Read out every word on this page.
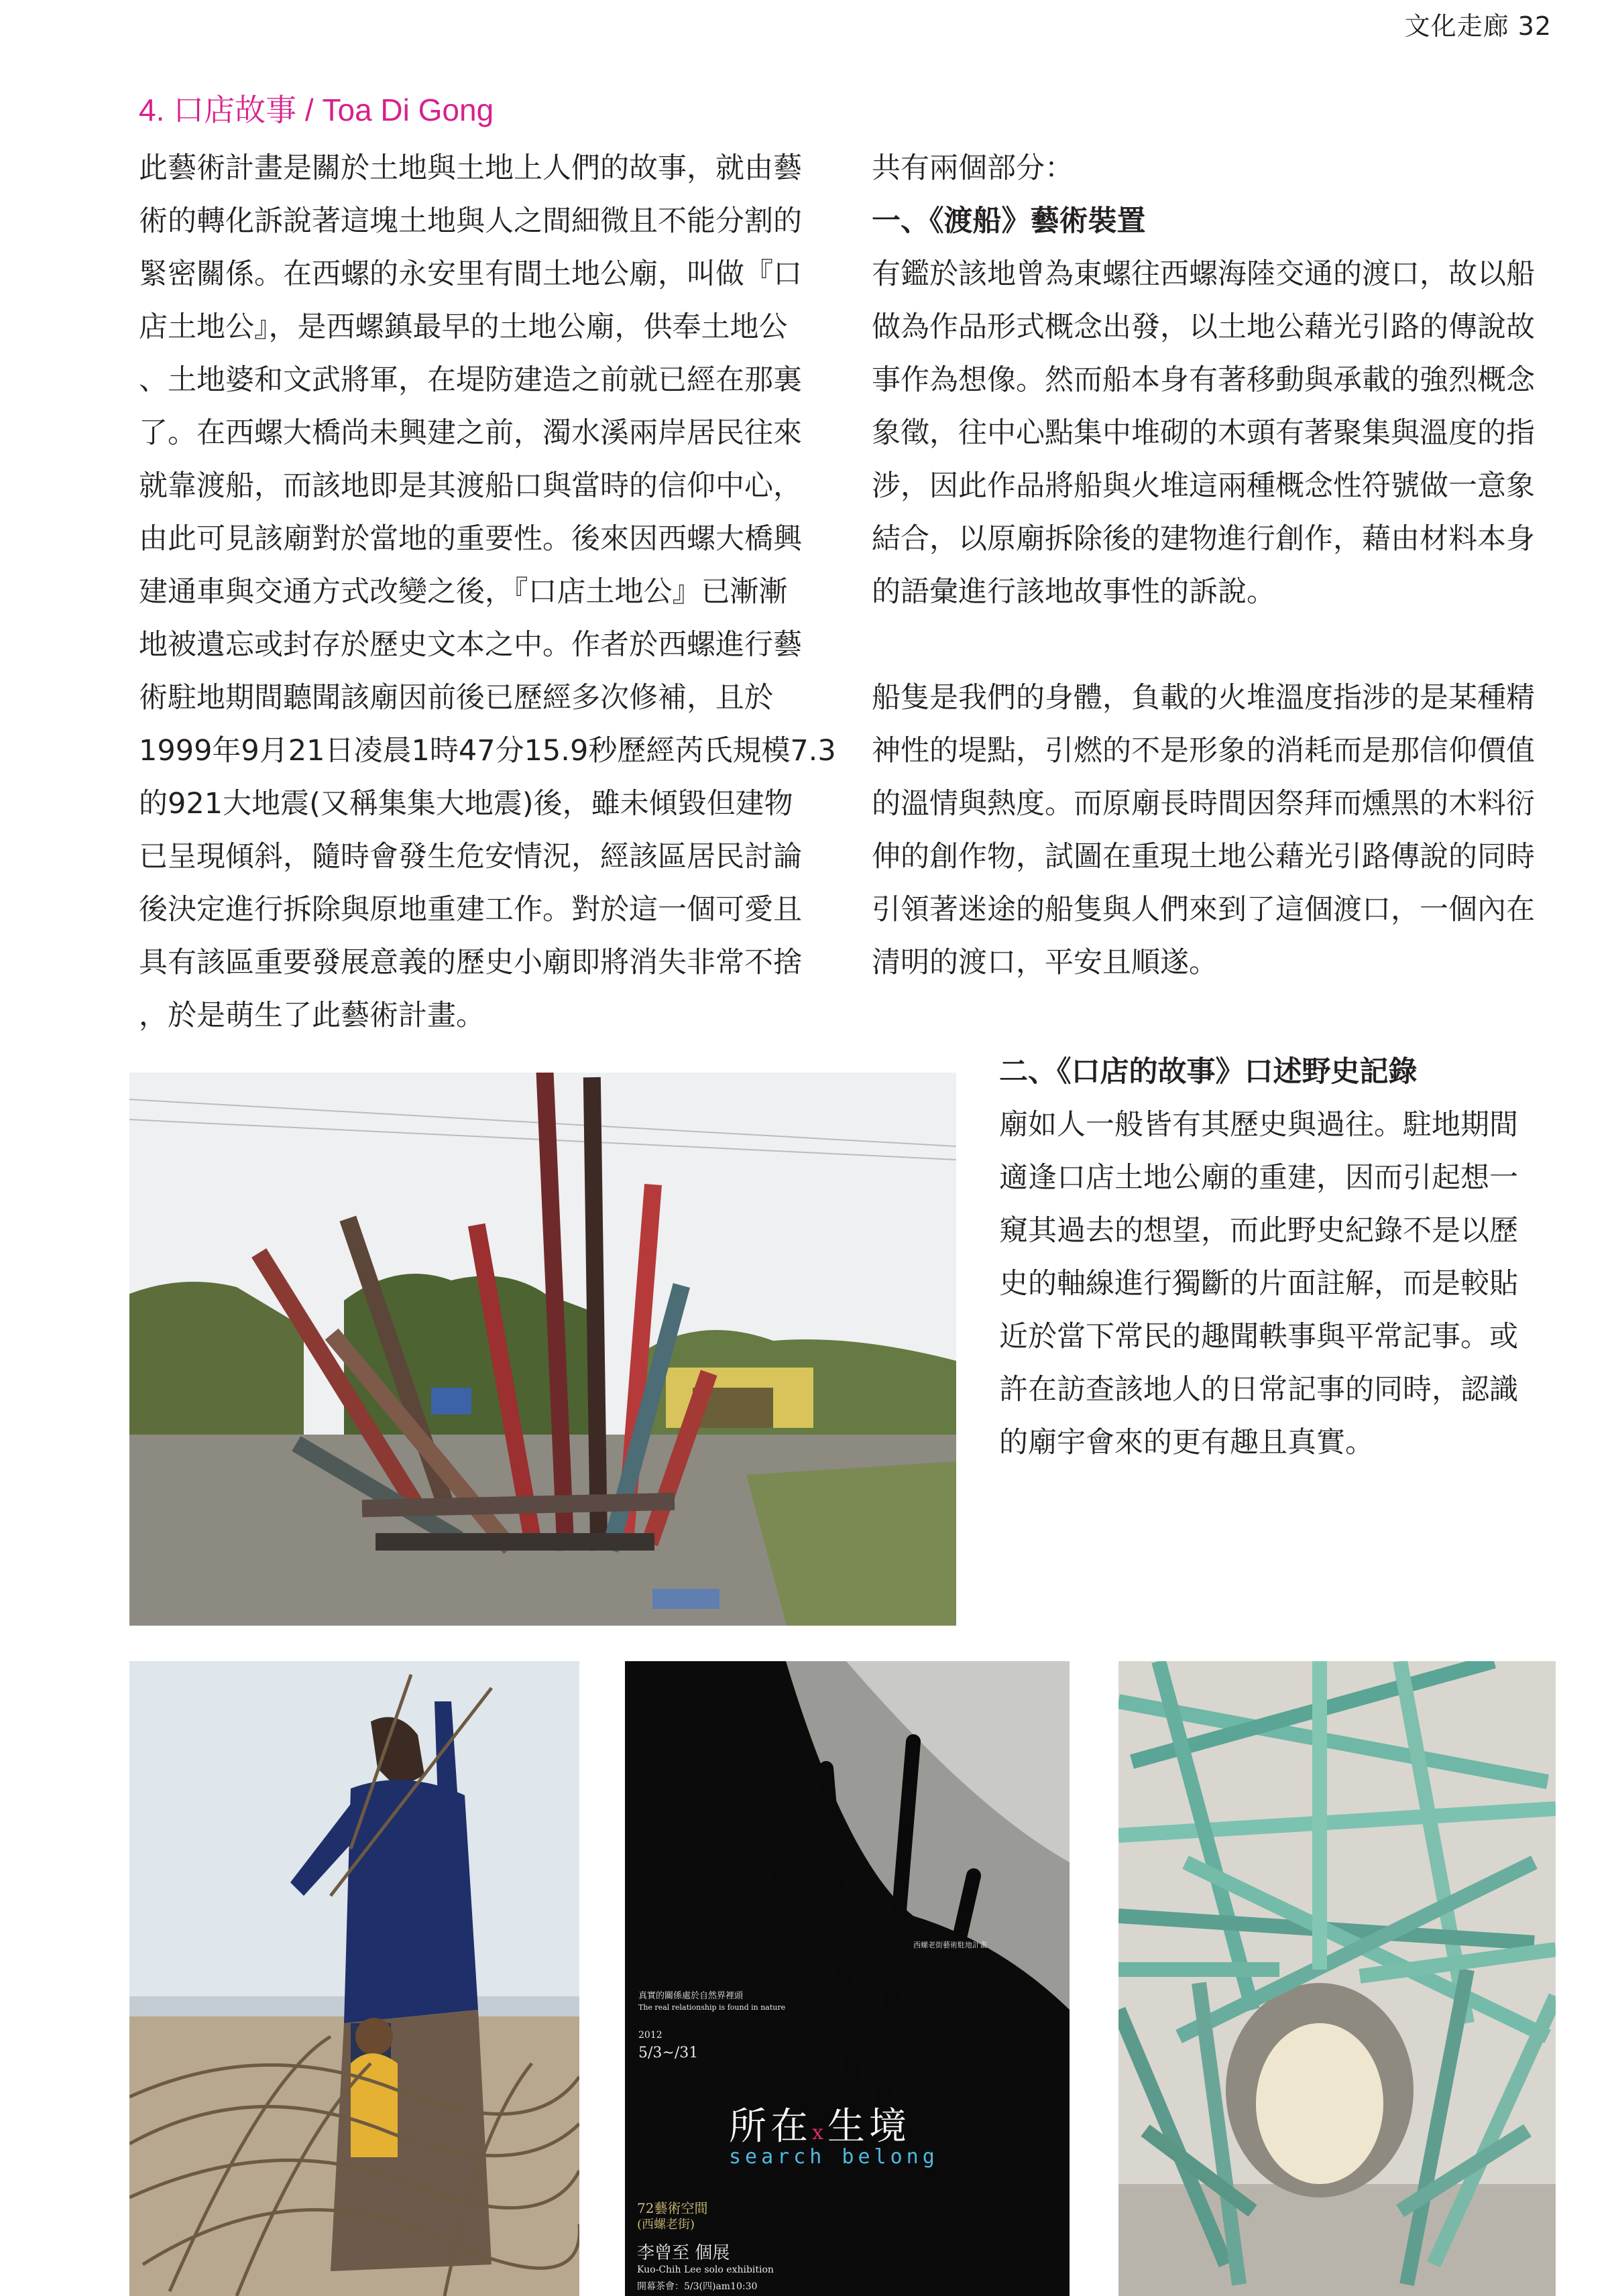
文化走廊 32
4. 口店故事 / Toa Di Gong

此藝術計畫是關於土地與土地上人們的故事，就由藝
術的轉化訴說著這塊土地與人之間細微且不能分割的
緊密關係。在西螺的永安里有間土地公廟，叫做『口
店土地公』，是西螺鎮最早的土地公廟，供奉土地公
、土地婆和文武將軍，在堤防建造之前就已經在那裏
了。在西螺大橋尚未興建之前，濁水溪兩岸居民往來
就靠渡船，而該地即是其渡船口與當時的信仰中心，
由此可見該廟對於當地的重要性。後來因西螺大橋興
建通車與交通方式改變之後，『口店土地公』已漸漸
地被遺忘或封存於歷史文本之中。作者於西螺進行藝
術駐地期間聽聞該廟因前後已歷經多次修補，且於
1999年9月21日凌晨1時47分15.9秒歷經芮氏規模7.3
的921大地震(又稱集集大地震)後，雖未傾毀但建物
已呈現傾斜，隨時會發生危安情況，經該區居民討論
後決定進行拆除與原地重建工作。對於這一個可愛且
具有該區重要發展意義的歷史小廟即將消失非常不捨
，於是萌生了此藝術計畫。

共有兩個部分：
一、《渡船》藝術裝置

有鑑於該地曾為東螺往西螺海陸交通的渡口，故以船
做為作品形式概念出發，以土地公藉光引路的傳說故
事作為想像。然而船本身有著移動與承載的強烈概念
象徵，往中心點集中堆砌的木頭有著聚集與溫度的指
涉，因此作品將船與火堆這兩種概念性符號做一意象
結合，以原廟拆除後的建物進行創作，藉由材料本身
的語彙進行該地故事性的訴說。

船隻是我們的身體，負載的火堆溫度指涉的是某種精
神性的堤點，引燃的不是形象的消耗而是那信仰價值
的溫情與熱度。而原廟長時間因祭拜而燻黑的木料衍
伸的創作物，試圖在重現土地公藉光引路傳說的同時
引領著迷途的船隻與人們來到了這個渡口，一個內在
清明的渡口，平安且順遂。

二、《口店的故事》口述野史記錄

廟如人一般皆有其歷史與過往。駐地期間
適逢口店土地公廟的重建，因而引起想一
窺其過去的想望，而此野史紀錄不是以歷
史的軸線進行獨斷的片面註解，而是較貼
近於當下常民的趣聞軼事與平常記事。或
許在訪查該地人的日常記事的同時，認識
的廟宇會來的更有趣且真實。

西螺老街藝術駐地計畫
真實的關係處於自然界裡頭
The real relationship is found in nature
2012
5/3~/31
所在x生境
search belong
72藝術空間
(西螺老街)
李曾至 個展
Kuo-Chih Lee solo exhibition
開幕茶會：5/3(四)am10:30
